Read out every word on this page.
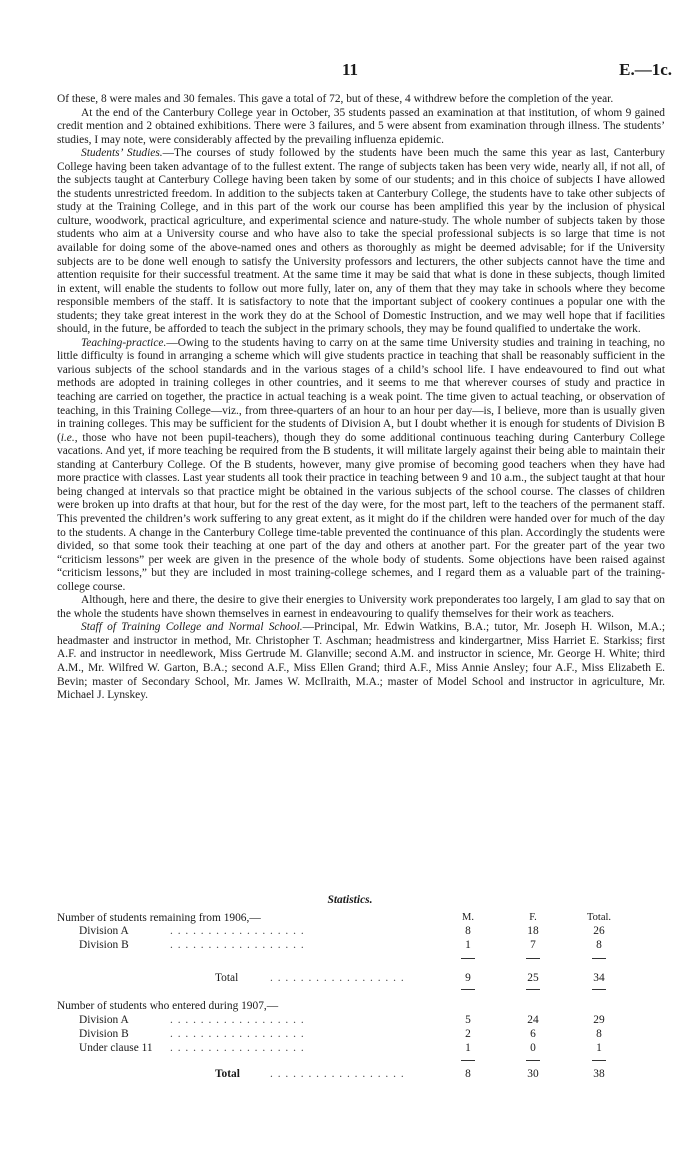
11	E.—1c.

Of these, 8 were males and 30 females. This gave a total of 72, but of these, 4 withdrew before the completion of the year.

At the end of the Canterbury College year in October, 35 students passed an examination at that institution, of whom 9 gained credit mention and 2 obtained exhibitions. There were 3 failures, and 5 were absent from examination through illness. The students’ studies, I may note, were considerably affected by the prevailing influenza epidemic.

Students’ Studies.—The courses of study followed by the students have been much the same this year as last, Canterbury College having been taken advantage of to the fullest extent. The range of subjects taken has been very wide, nearly all, if not all, of the subjects taught at Canterbury College having been taken by some of our students; and in this choice of subjects I have allowed the students unrestricted freedom. In addition to the subjects taken at Canterbury College, the students have to take other subjects of study at the Training College, and in this part of the work our course has been amplified this year by the inclusion of physical culture, woodwork, practical agriculture, and experimental science and nature-study. The whole number of subjects taken by those students who aim at a University course and who have also to take the special professional subjects is so large that time is not available for doing some of the above-named ones and others as thoroughly as might be deemed advisable; for if the University subjects are to be done well enough to satisfy the University professors and lecturers, the other subjects cannot have the time and attention requisite for their successful treatment. At the same time it may be said that what is done in these subjects, though limited in extent, will enable the students to follow out more fully, later on, any of them that they may take in schools where they become responsible members of the staff. It is satisfactory to note that the important subject of cookery continues a popular one with the students; they take great interest in the work they do at the School of Domestic Instruction, and we may well hope that if facilities should, in the future, be afforded to teach the subject in the primary schools, they may be found qualified to undertake the work.

Teaching-practice.—Owing to the students having to carry on at the same time University studies and training in teaching, no little difficulty is found in arranging a scheme which will give students practice in teaching that shall be reasonably sufficient in the various subjects of the school standards and in the various stages of a child’s school life. I have endeavoured to find out what methods are adopted in training colleges in other countries, and it seems to me that wherever courses of study and practice in teaching are carried on together, the practice in actual teaching is a weak point. The time given to actual teaching, or observation of teaching, in this Training College—viz., from three-quarters of an hour to an hour per day—is, I believe, more than is usually given in training colleges. This may be sufficient for the students of Division A, but I doubt whether it is enough for students of Division B (i.e., those who have not been pupil-teachers), though they do some additional continuous teaching during Canterbury College vacations. And yet, if more teaching be required from the B students, it will militate largely against their being able to maintain their standing at Canterbury College. Of the B students, however, many give promise of becoming good teachers when they have had more practice with classes. Last year students all took their practice in teaching between 9 and 10 a.m., the subject taught at that hour being changed at intervals so that practice might be obtained in the various subjects of the school course. The classes of children were broken up into drafts at that hour, but for the rest of the day were, for the most part, left to the teachers of the permanent staff. This prevented the children’s work suffering to any great extent, as it might do if the children were handed over for much of the day to the students. A change in the Canterbury College time-table prevented the continuance of this plan. Accordingly the students were divided, so that some took their teaching at one part of the day and others at another part. For the greater part of the year two “criticism lessons” per week are given in the presence of the whole body of students. Some objections have been raised against “criticism lessons,” but they are included in most training-college schemes, and I regard them as a valuable part of the training-college course.

Although, here and there, the desire to give their energies to University work preponderates too largely, I am glad to say that on the whole the students have shown themselves in earnest in endeavouring to qualify themselves for their work as teachers.

Staff of Training College and Normal School.—Principal, Mr. Edwin Watkins, B.A.; tutor, Mr. Joseph H. Wilson, M.A.; headmaster and instructor in method, Mr. Christopher T. Aschman; headmistress and kindergartner, Miss Harriet E. Starkiss; first A.F. and instructor in needlework, Miss Gertrude M. Glanville; second A.M. and instructor in science, Mr. George H. White; third A.M., Mr. Wilfred W. Garton, B.A.; second A.F., Miss Ellen Grand; third A.F., Miss Annie Ansley; four A.F., Miss Elizabeth E. Bevin; master of Secondary School, Mr. James W. McIlraith, M.A.; master of Model School and instructor in agriculture, Mr. Michael J. Lynskey.

Statistics.
Number of students remaining from 1906,—	M.	F.	Total.
Division A	. . . . . . . . . . . . . . . . . .	8	18	26
Division B	. . . . . . . . . . . . . . . . . .	1	7	8
Total	. . . . . . . . . . . . . . . . . .	9	25	34
Number of students who entered during 1907,—
Division A	. . . . . . . . . . . . . . . . . .	5	24	29
Division B	. . . . . . . . . . . . . . . . . .	2	6	8
Under clause 11 . . . . . . . . . . . . . . . . . .	1	0	1
Total	. . . . . . . . . . . . . . . . . .	8	30	38
